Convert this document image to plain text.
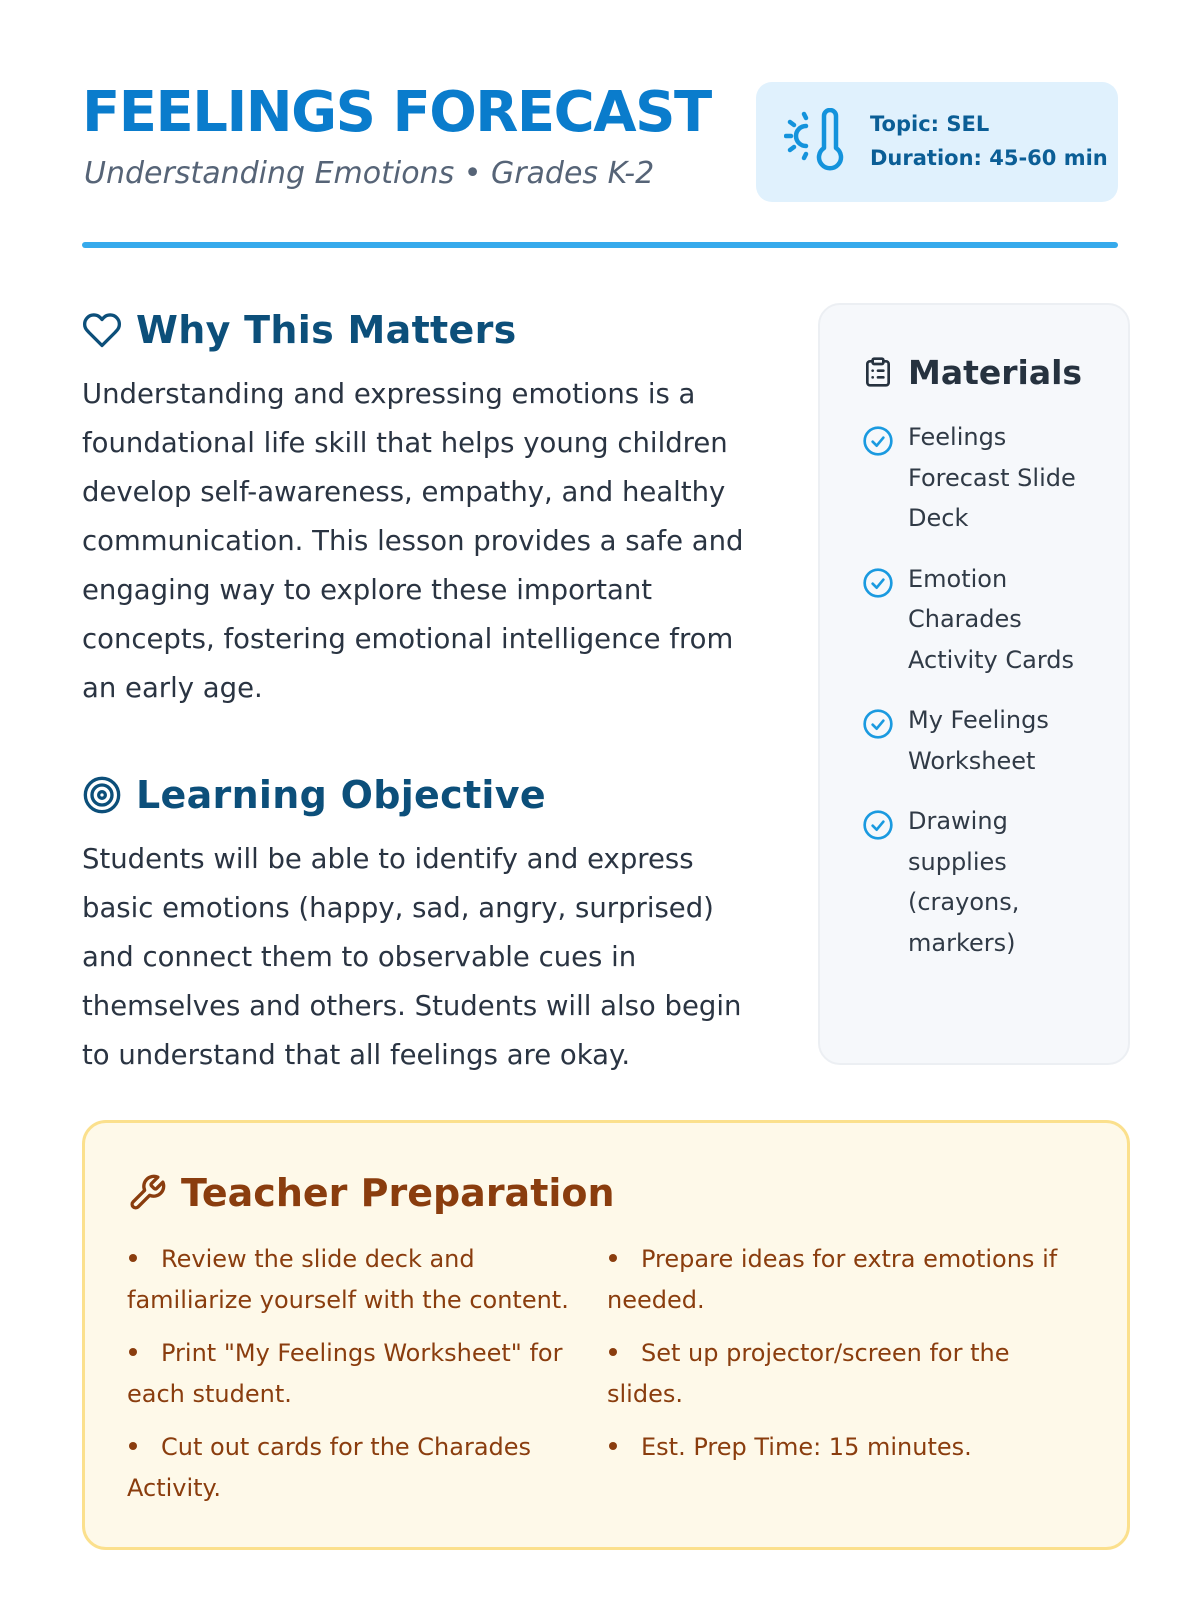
FEELINGS FORECAST
Understanding Emotions • Grades K-2
Topic: SEL
Duration: 45-60 min
Why This Matters

Understanding and expressing emotions is a foundational life skill that helps young children develop self-awareness, empathy, and healthy communication. This lesson provides a safe and engaging way to explore these important concepts, fostering emotional intelligence from an early age.

Learning Objective

Students will be able to identify and express basic emotions (happy, sad, angry, surprised) and connect them to observable cues in themselves and others. Students will also begin to understand that all feelings are okay.

Materials
Feelings Forecast Slide Deck
Emotion Charades Activity Cards
My Feelings Worksheet
Drawing supplies (crayons, markers)
Teacher Preparation
Review the slide deck and familiarize yourself with the content.
Print "My Feelings Worksheet" for each student.
Cut out cards for the Charades Activity.
Prepare ideas for extra emotions if needed.
Set up projector/screen for the slides.
Est. Prep Time: 15 minutes.
